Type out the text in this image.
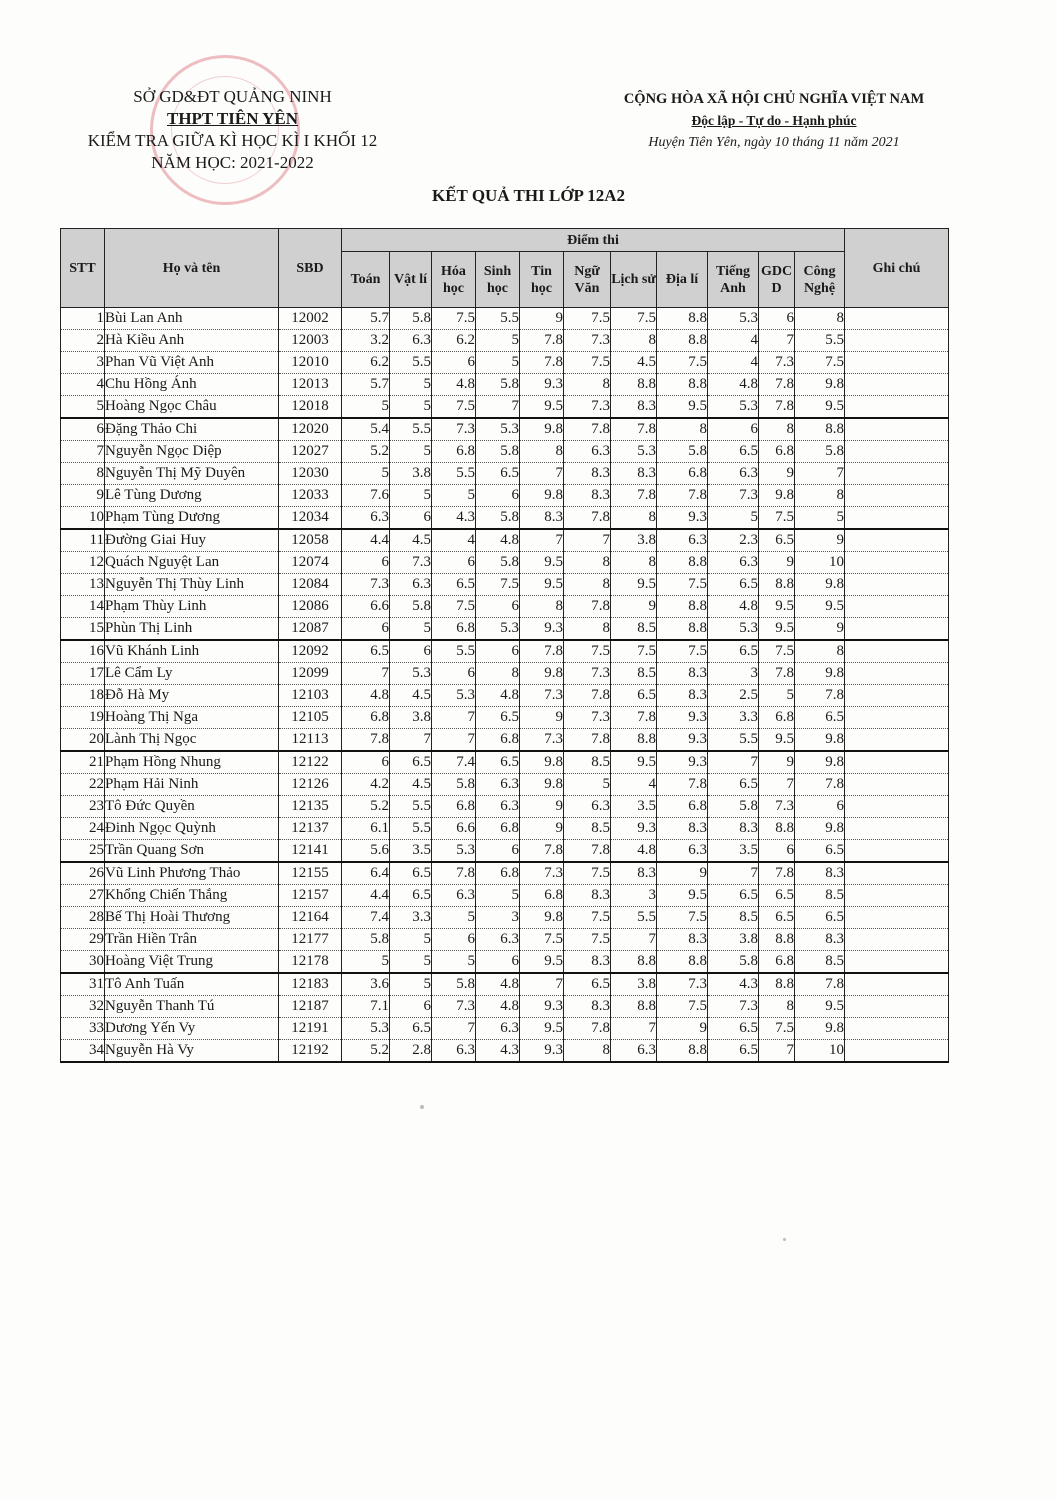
SỞ GD&ĐT QUẢNG NINH
THPT TIÊN YÊN
KIỂM TRA GIỮA KÌ HỌC KÌ I KHỐI 12
NĂM HỌC: 2021-2022
CỘNG HÒA XÃ HỘI CHỦ NGHĨA VIỆT NAM
Độc lập - Tự do - Hạnh phúc
Huyện Tiên Yên, ngày 10 tháng 11 năm 2021
KẾT QUẢ THI LỚP 12A2
STT	Họ và tên	SBD	Điểm thi											Ghi chú
			Toán	Vật lí	Hóa học	Sinh học	Tin học	Ngữ Văn	Lịch sử	Địa lí	Tiếng Anh	GDC D	Công Nghệ	
1	Bùi Lan Anh	12002	5.7	5.8	7.5	5.5	9	7.5	7.5	8.8	5.3	6	8	
2	Hà Kiều Anh	12003	3.2	6.3	6.2	5	7.8	7.3	8	8.8	4	7	5.5	
3	Phan Vũ Việt Anh	12010	6.2	5.5	6	5	7.8	7.5	4.5	7.5	4	7.3	7.5	
4	Chu Hồng Ánh	12013	5.7	5	4.8	5.8	9.3	8	8.8	8.8	4.8	7.8	9.8	
5	Hoàng Ngọc Châu	12018	5	5	7.5	7	9.5	7.3	8.3	9.5	5.3	7.8	9.5	
6	Đặng Thảo Chi	12020	5.4	5.5	7.3	5.3	9.8	7.8	7.8	8	6	8	8.8	
7	Nguyễn Ngọc Diệp	12027	5.2	5	6.8	5.8	8	6.3	5.3	5.8	6.5	6.8	5.8	
8	Nguyễn Thị Mỹ Duyên	12030	5	3.8	5.5	6.5	7	8.3	8.3	6.8	6.3	9	7	
9	Lê Tùng Dương	12033	7.6	5	5	6	9.8	8.3	7.8	7.8	7.3	9.8	8	
10	Phạm Tùng Dương	12034	6.3	6	4.3	5.8	8.3	7.8	8	9.3	5	7.5	5	
11	Đường Giai Huy	12058	4.4	4.5	4	4.8	7	7	3.8	6.3	2.3	6.5	9	
12	Quách Nguyệt Lan	12074	6	7.3	6	5.8	9.5	8	8	8.8	6.3	9	10	
13	Nguyễn Thị Thùy Linh	12084	7.3	6.3	6.5	7.5	9.5	8	9.5	7.5	6.5	8.8	9.8	
14	Phạm Thùy Linh	12086	6.6	5.8	7.5	6	8	7.8	9	8.8	4.8	9.5	9.5	
15	Phùn Thị Linh	12087	6	5	6.8	5.3	9.3	8	8.5	8.8	5.3	9.5	9	
16	Vũ Khánh Linh	12092	6.5	6	5.5	6	7.8	7.5	7.5	7.5	6.5	7.5	8	
17	Lê Cẩm Ly	12099	7	5.3	6	8	9.8	7.3	8.5	8.3	3	7.8	9.8	
18	Đỗ Hà My	12103	4.8	4.5	5.3	4.8	7.3	7.8	6.5	8.3	2.5	5	7.8	
19	Hoàng Thị Nga	12105	6.8	3.8	7	6.5	9	7.3	7.8	9.3	3.3	6.8	6.5	
20	Lành Thị Ngọc	12113	7.8	7	7	6.8	7.3	7.8	8.8	9.3	5.5	9.5	9.8	
21	Phạm Hồng Nhung	12122	6	6.5	7.4	6.5	9.8	8.5	9.5	9.3	7	9	9.8	
22	Phạm Hải Ninh	12126	4.2	4.5	5.8	6.3	9.8	5	4	7.8	6.5	7	7.8	
23	Tô Đức Quyền	12135	5.2	5.5	6.8	6.3	9	6.3	3.5	6.8	5.8	7.3	6	
24	Đinh Ngọc Quỳnh	12137	6.1	5.5	6.6	6.8	9	8.5	9.3	8.3	8.3	8.8	9.8	
25	Trần Quang Sơn	12141	5.6	3.5	5.3	6	7.8	7.8	4.8	6.3	3.5	6	6.5	
26	Vũ Linh Phương Thảo	12155	6.4	6.5	7.8	6.8	7.3	7.5	8.3	9	7	7.8	8.3	
27	Khổng Chiến Thắng	12157	4.4	6.5	6.3	5	6.8	8.3	3	9.5	6.5	6.5	8.5	
28	Bế Thị Hoài Thương	12164	7.4	3.3	5	3	9.8	7.5	5.5	7.5	8.5	6.5	6.5	
29	Trần Hiền Trân	12177	5.8	5	6	6.3	7.5	7.5	7	8.3	3.8	8.8	8.3	
30	Hoàng Việt Trung	12178	5	5	5	6	9.5	8.3	8.8	8.8	5.8	6.8	8.5	
31	Tô Anh Tuấn	12183	3.6	5	5.8	4.8	7	6.5	3.8	7.3	4.3	8.8	7.8	
32	Nguyễn Thanh Tú	12187	7.1	6	7.3	4.8	9.3	8.3	8.8	7.5	7.3	8	9.5	
33	Dương Yến Vy	12191	5.3	6.5	7	6.3	9.5	7.8	7	9	6.5	7.5	9.8	
34	Nguyễn Hà Vy	12192	5.2	2.8	6.3	4.3	9.3	8	6.3	8.8	6.5	7	10	
